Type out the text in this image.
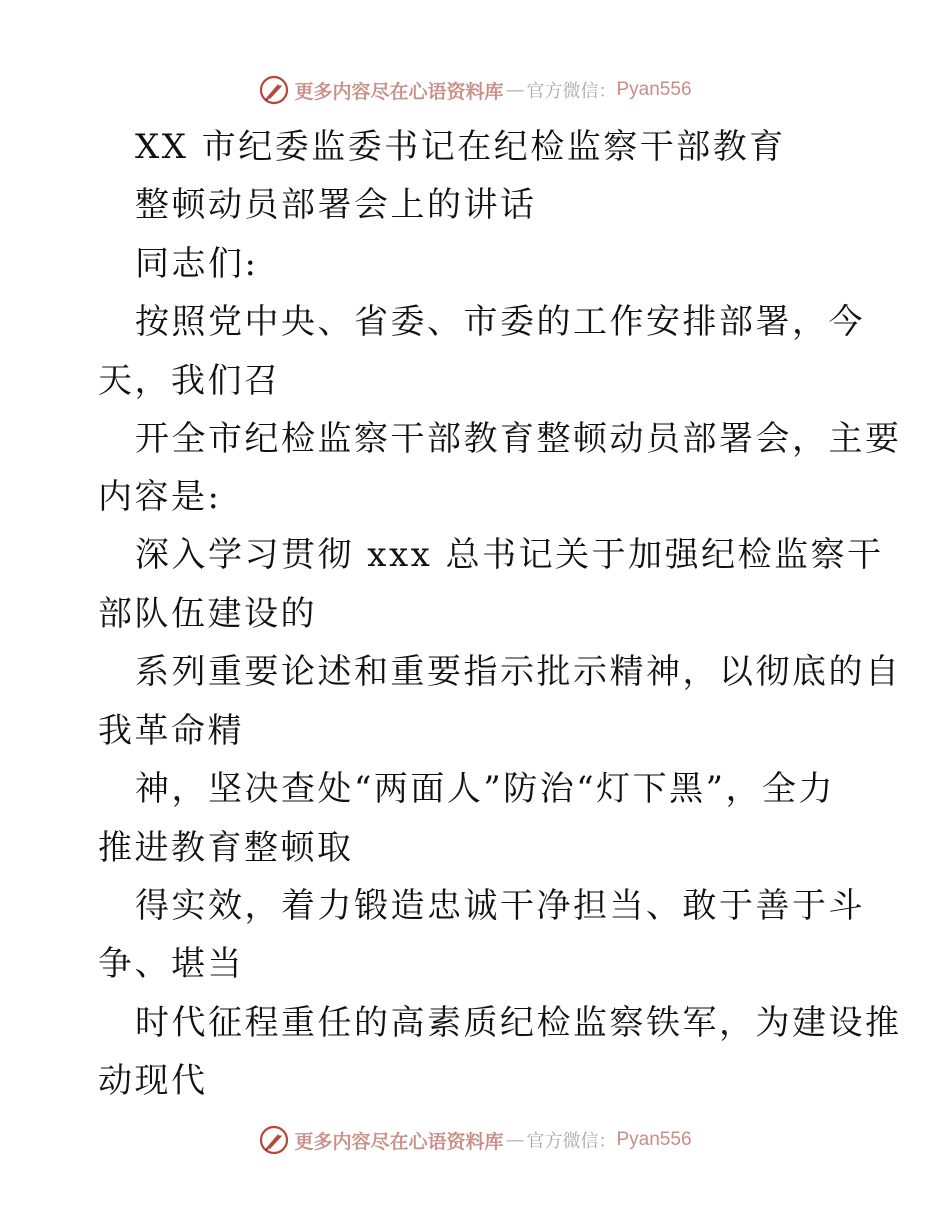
更多内容尽在心语资料库 — 官方微信： Pyan556
XX 市纪委监委书记在纪检监察干部教育
整顿动员部署会上的讲话
同志们:
按照党中央、省委、市委的工作安排部署，今
天，我们召
开全市纪检监察干部教育整顿动员部署会，主要
内容是:
深入学习贯彻 xxx 总书记关于加强纪检监察干
部队伍建设的
系列重要论述和重要指示批示精神，以彻底的自
我革命精
神，坚决查处“两面人”防治“灯下黑”，全力
推进教育整顿取
得实效，着力锻造忠诚干净担当、敢于善于斗
争、堪当
时代征程重任的高素质纪检监察铁军，为建设推
动现代
更多内容尽在心语资料库 — 官方微信： Pyan556
